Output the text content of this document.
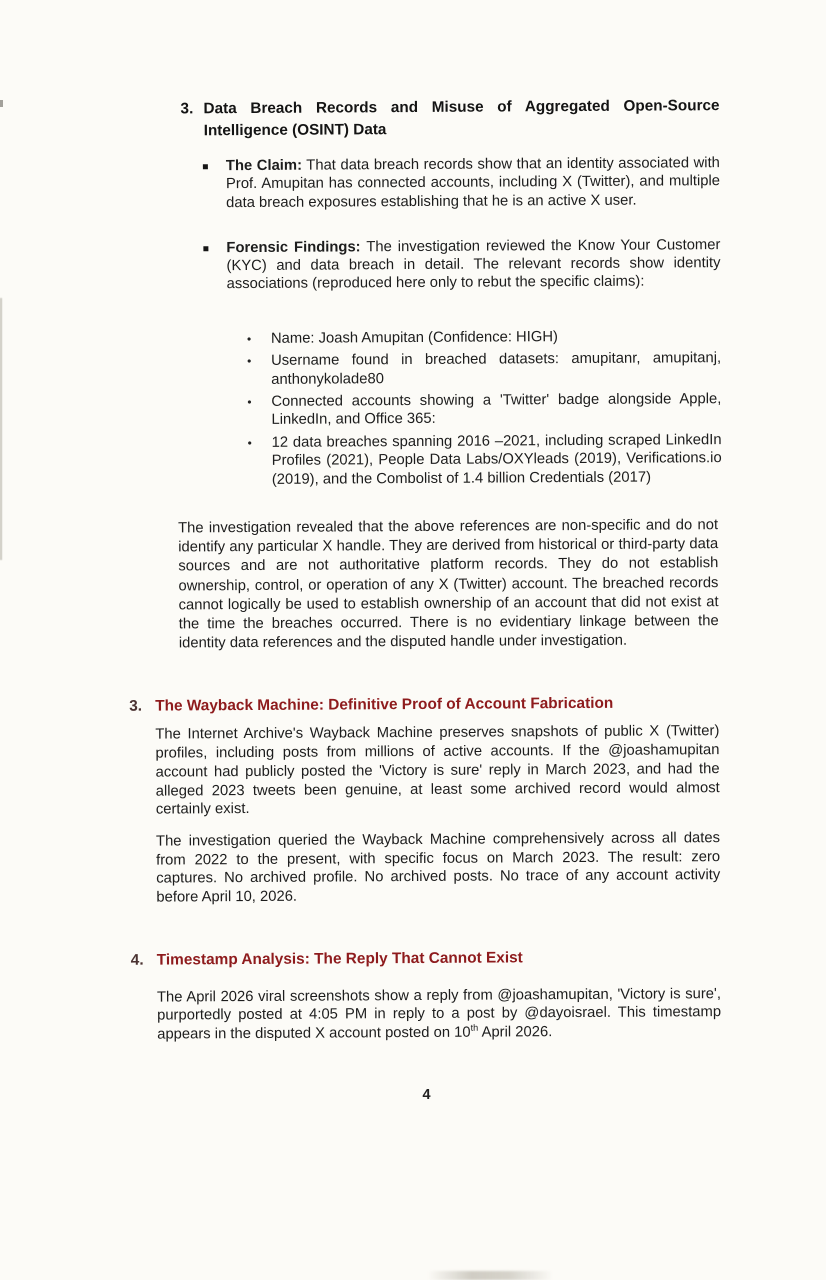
3. Data Breach Records and Misuse of Aggregated Open-Source Intelligence (OSINT) Data

The Claim: That data breach records show that an identity associated with Prof. Amupitan has connected accounts, including X (Twitter), and multiple data breach exposures establishing that he is an active X user.

Forensic Findings: The investigation reviewed the Know Your Customer (KYC) and data breach in detail. The relevant records show identity associations (reproduced here only to rebut the specific claims):

•	Name: Joash Amupitan (Confidence: HIGH)
•	Username found in breached datasets: amupitanr, amupitanj, anthonykolade80
•	Connected accounts showing a 'Twitter' badge alongside Apple, LinkedIn, and Office 365:
•	12 data breaches spanning 2016 –2021, including scraped LinkedIn Profiles (2021), People Data Labs/OXYleads (2019), Verifications.io (2019), and the Combolist of 1.4 billion Credentials (2017)

The investigation revealed that the above references are non-specific and do not identify any particular X handle. They are derived from historical or third-party data sources and are not authoritative platform records. They do not establish ownership, control, or operation of any X (Twitter) account. The breached records cannot logically be used to establish ownership of an account that did not exist at the time the breaches occurred. There is no evidentiary linkage between the identity data references and the disputed handle under investigation.

3. The Wayback Machine: Definitive Proof of Account Fabrication

The Internet Archive's Wayback Machine preserves snapshots of public X (Twitter) profiles, including posts from millions of active accounts. If the @joashamupitan account had publicly posted the 'Victory is sure' reply in March 2023, and had the alleged 2023 tweets been genuine, at least some archived record would almost certainly exist.

The investigation queried the Wayback Machine comprehensively across all dates from 2022 to the present, with specific focus on March 2023. The result: zero captures. No archived profile. No archived posts. No trace of any account activity before April 10, 2026.

4. Timestamp Analysis: The Reply That Cannot Exist

The April 2026 viral screenshots show a reply from @joashamupitan, 'Victory is sure', purportedly posted at 4:05 PM in reply to a post by @dayoisrael. This timestamp appears in the disputed X account posted on 10th April 2026.

4
